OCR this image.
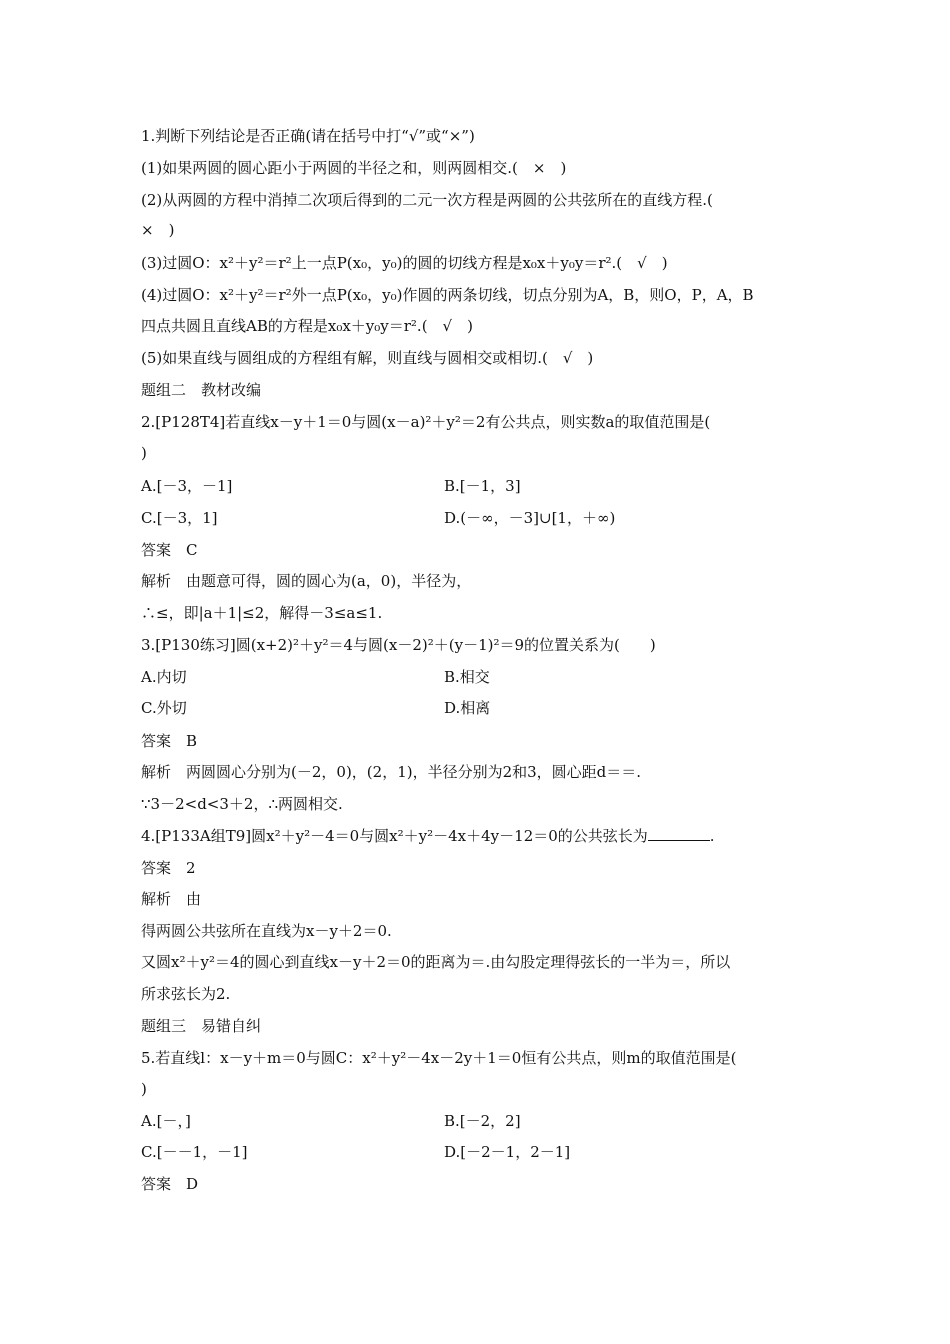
1.判断下列结论是否正确(请在括号中打“√”或“×”)
(1)如果两圆的圆心距小于两圆的半径之和，则两圆相交.(　×　)
(2)从两圆的方程中消掉二次项后得到的二元一次方程是两圆的公共弦所在的直线方程.(
×　)
(3)过圆O：x²＋y²＝r²上一点P(x₀，y₀)的圆的切线方程是x₀x＋y₀y＝r².(　√　)
(4)过圆O：x²＋y²＝r²外一点P(x₀，y₀)作圆的两条切线，切点分别为A，B，则O，P，A，B
四点共圆且直线AB的方程是x₀x＋y₀y＝r².(　√　)
(5)如果直线与圆组成的方程组有解，则直线与圆相交或相切.(　√　)
题组二　教材改编
2.[P128T4]若直线x－y＋1＝0与圆(x－a)²＋y²＝2有公共点，则实数a的取值范围是(
)
A.[－3，－1]	B.[－1，3]
C.[－3，1]	D.(－∞，－3]∪[1，＋∞)
答案　C
解析　由题意可得，圆的圆心为(a，0)，半径为，
∴≤，即|a＋1|≤2，解得－3≤a≤1.
3.[P130练习]圆(x+2)²＋y²＝4与圆(x－2)²＋(y－1)²＝9的位置关系为(　　)
A.内切	B.相交
C.外切	D.相离
答案　B
解析　两圆圆心分别为(－2，0)，(2，1)，半径分别为2和3，圆心距d＝＝.
∵3－2<d<3＋2，∴两圆相交.
4.[P133A组T9]圆x²＋y²－4＝0与圆x²＋y²－4x＋4y－12＝0的公共弦长为	.
答案　2
解析　由
得两圆公共弦所在直线为x－y＋2＝0.
又圆x²＋y²＝4的圆心到直线x－y＋2＝0的距离为＝.由勾股定理得弦长的一半为＝，所以
所求弦长为2.
题组三　易错自纠
5.若直线l：x－y＋m＝0与圆C：x²＋y²－4x－2y＋1＝0恒有公共点，则m的取值范围是(
)
A.[－，]	B.[－2，2]
C.[－－1，－1]	D.[－2－1，2－1]
答案　D
